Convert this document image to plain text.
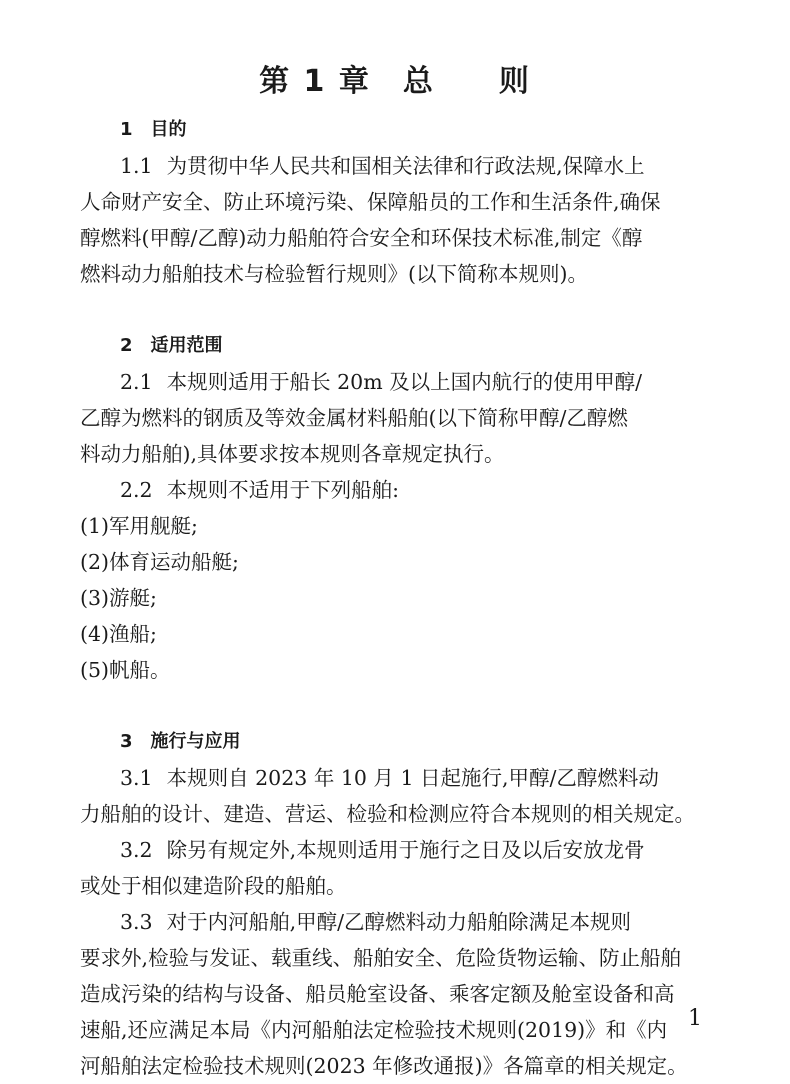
第 1 章　总　　则
1 目的
1.1 为贯彻中华人民共和国相关法律和行政法规,保障水上
人命财产安全、防止环境污染、保障船员的工作和生活条件,确保
醇燃料(甲醇/乙醇)动力船舶符合安全和环保技术标准,制定《醇
燃料动力船舶技术与检验暂行规则》(以下简称本规则)。
2 适用范围
2.1 本规则适用于船长 20m 及以上国内航行的使用甲醇/
乙醇为燃料的钢质及等效金属材料船舶(以下简称甲醇/乙醇燃
料动力船舶),具体要求按本规则各章规定执行。
2.2 本规则不适用于下列船舶:
(1)军用舰艇;
(2)体育运动船艇;
(3)游艇;
(4)渔船;
(5)帆船。
3 施行与应用
3.1 本规则自 2023 年 10 月 1 日起施行,甲醇/乙醇燃料动
力船舶的设计、建造、营运、检验和检测应符合本规则的相关规定。
3.2 除另有规定外,本规则适用于施行之日及以后安放龙骨
或处于相似建造阶段的船舶。
3.3 对于内河船舶,甲醇/乙醇燃料动力船舶除满足本规则
要求外,检验与发证、载重线、船舶安全、危险货物运输、防止船舶
造成污染的结构与设备、船员舱室设备、乘客定额及舱室设备和高
速船,还应满足本局《内河船舶法定检验技术规则(2019)》和《内
河船舶法定检验技术规则(2023 年修改通报)》各篇章的相关规定。
1
